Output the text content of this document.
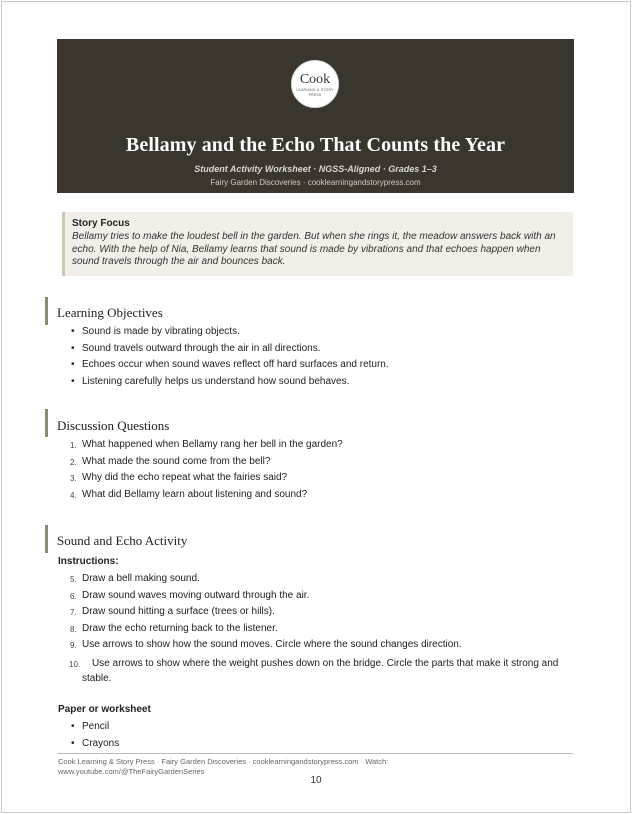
Cook
LEARNING & STORY PRESS
Bellamy and the Echo That Counts the Year
Student Activity Worksheet · NGSS-Aligned · Grades 1–3
Fairy Garden Discoveries · cooklearningandstorypress.com
Story Focus

Bellamy tries to make the loudest bell in the garden. But when she rings it, the meadow answers back with an echo. With the help of Nia, Bellamy learns that sound is made by vibrations and that echoes happen when sound travels through the air and bounces back.

Learning Objectives
• Sound is made by vibrating objects.
• Sound travels outward through the air in all directions.
• Echoes occur when sound waves reflect off hard surfaces and return.
• Listening carefully helps us understand how sound behaves.
Discussion Questions
1. What happened when Bellamy rang her bell in the garden?
2. What made the sound come from the bell?
3. Why did the echo repeat what the fairies said?
4. What did Bellamy learn about listening and sound?
Sound and Echo Activity
Instructions:
5. Draw a bell making sound.
6. Draw sound waves moving outward through the air.
7. Draw sound hitting a surface (trees or hills).
8. Draw the echo returning back to the listener.
9. Use arrows to show how the sound moves. Circle where the sound changes direction.
10. Use arrows to show where the weight pushes down on the bridge. Circle the parts that make it strong and stable.
Paper or worksheet
• Pencil
• Crayons
Cook Learning & Story Press · Fairy Garden Discoveries · cooklearningandstorypress.com · Watch: www.youtube.com/@TheFairyGardenSeries
10
